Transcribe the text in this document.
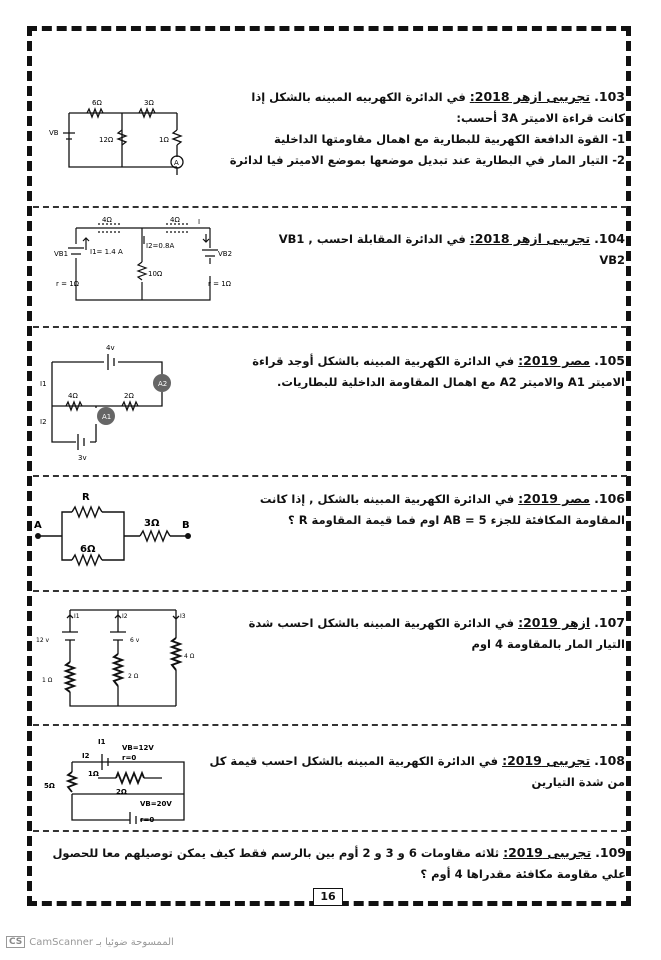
103. تجريبى ازهر 2018: في الدائرة الكهربيه المبينه بالشكل إذا كانت قراءة الاميتر 3A أحسب:
1- القوة الدافعة الكهربية للبطارية مع اهمال مقاومتها الداخلية
2- التيار المار في البطارية عند تبديل موضعها بموضع الاميتر فيا لدائرة
6Ω	3Ω
12Ω	1Ω
VB
A
104. تجريبى ازهر 2018: في الدائرة المقابلة احسب VB1 , VB2
4Ω	4Ω
10Ω
I1= 1.4 A
I2=0.8A
I
VB1	VB2
r = 1Ω	r = 1Ω
105. مصر 2019: في الدائرة الكهربية المبينه بالشكل أوجد قراءة الاميتر A1 والاميتر A2 مع اهمال المقاومة الداخلية للبطاريات.
A2
A1
4v
3v
4Ω	2Ω
I1
I2
106. مصر 2019: في الدائرة الكهربية المبينه بالشكل , إذا كانت المقاومة المكافئة للجزء AB = 5 اوم فما قيمة المقاومة R ؟
R
6Ω
3Ω
A	B
107. ازهر 2019: في الدائرة الكهربية المبينه بالشكل احسب شدة التيار المار بالمقاومة 4 اوم
I1	I2	I3
12 v	6 v
1 Ω
2 Ω
4 Ω
108. تجريبى 2019: في الدائرة الكهربية المبينه بالشكل احسب قيمة كل من شدة التيارين
I1
I2
VB=12V
r=0
VB=20V
r=0
5Ω
2Ω
1Ω
109. تجريبى 2019: ثلاثه مقاومات 6 و 3 و 2 أوم بين بالرسم فقط كيف يمكن توصيلهم معا للحصول علي مقاومة مكافئة مقدراها 4 أوم ؟
16
CS CamScanner الممسوحة ضوئيا بـ
